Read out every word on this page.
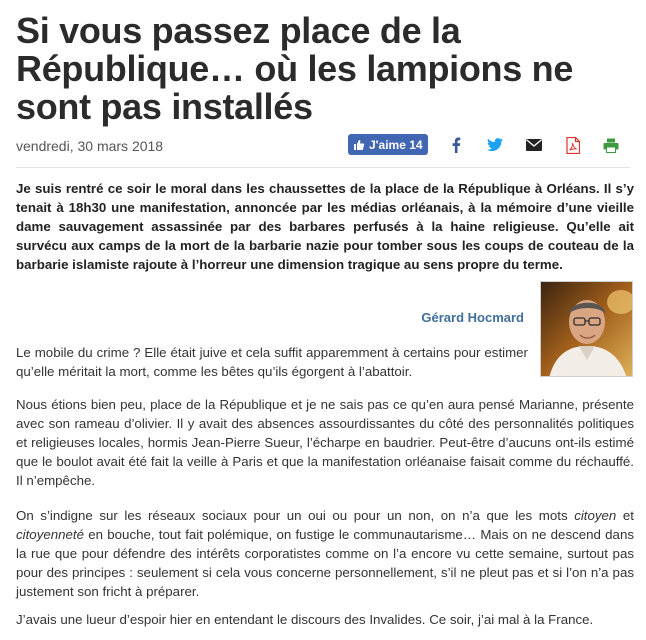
Si vous passez place de la République… où les lampions ne sont pas installés
vendredi, 30 mars 2018	J'aime 14

Je suis rentré ce soir le moral dans les chaussettes de la place de la République à Orléans. Il s’y tenait à 18h30 une manifestation, annoncée par les médias orléanais, à la mémoire d’une vieille dame sauvagement assassinée par des barbares perfusés à la haine religieuse. Qu’elle ait survécu aux camps de la mort de la barbarie nazie pour tomber sous les coups de couteau de la barbarie islamiste rajoute à l’horreur une dimension tragique au sens propre du terme.

Gérard Hocmard

Le mobile du crime ? Elle était juive et cela suffit apparemment à certains pour estimer qu’elle méritait la mort, comme les bêtes qu’ils égorgent à l’abattoir.

Nous étions bien peu, place de la République et je ne sais pas ce qu’en aura pensé Marianne, présente avec son rameau d’olivier. Il y avait des absences assourdissantes du côté des personnalités politiques et religieuses locales, hormis Jean-Pierre Sueur, l’écharpe en baudrier. Peut-être d’aucuns ont-ils estimé que le boulot avait été fait la veille à Paris et que la manifestation orléanaise faisait comme du réchauffé. Il n’empêche.

On s’indigne sur les réseaux sociaux pour un oui ou pour un non, on n’a que les mots citoyen et citoyenneté en bouche, tout fait polémique, on fustige le communautarisme… Mais on ne descend dans la rue que pour défendre des intérêts corporatistes comme on l’a encore vu cette semaine, surtout pas pour des principes : seulement si cela vous concerne personnellement, s’il ne pleut pas et si l’on n’a pas justement son fricht à préparer.

J’avais une lueur d’espoir hier en entendant le discours des Invalides. Ce soir, j’ai mal à la France.
